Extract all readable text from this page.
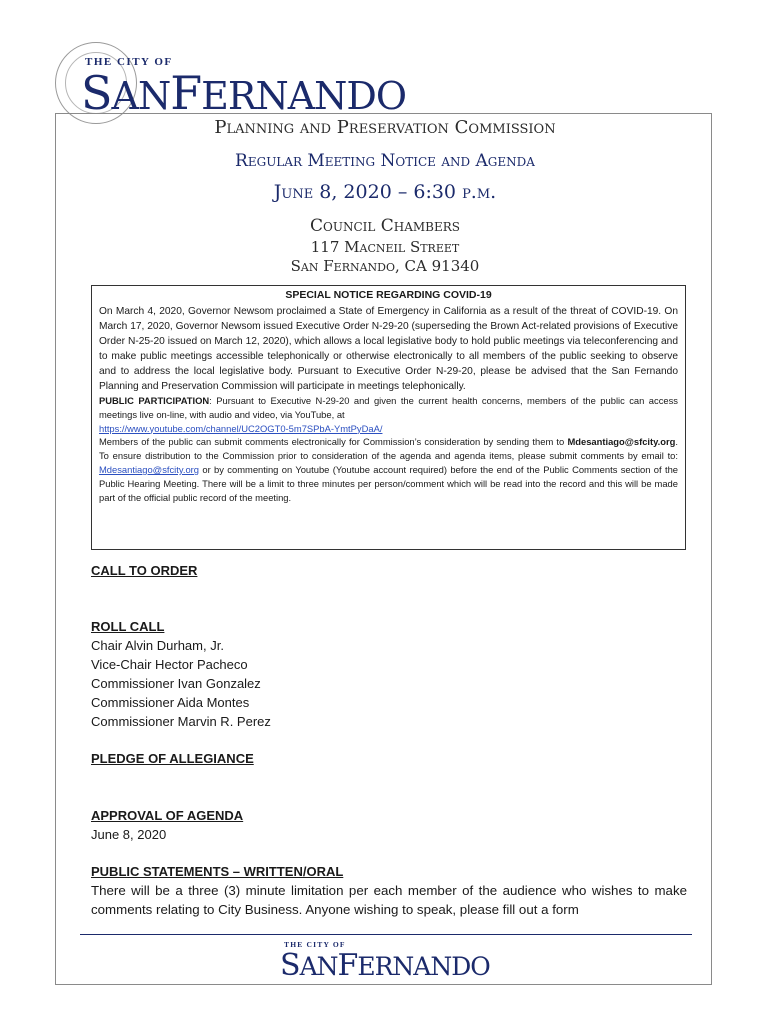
THE CITY OF
SANFERNANDO
Planning and Preservation Commission
Regular Meeting Notice and Agenda
June 8, 2020 – 6:30 p.m.
Council Chambers
117 Macneil Street
San Fernando, CA 91340
SPECIAL NOTICE REGARDING COVID-19

On March 4, 2020, Governor Newsom proclaimed a State of Emergency in California as a result of the threat of COVID-19. On March 17, 2020, Governor Newsom issued Executive Order N-29-20 (superseding the Brown Act-related provisions of Executive Order N-25-20 issued on March 12, 2020), which allows a local legislative body to hold public meetings via teleconferencing and to make public meetings accessible telephonically or otherwise electronically to all members of the public seeking to observe and to address the local legislative body. Pursuant to Executive Order N-29-20, please be advised that the San Fernando Planning and Preservation Commission will participate in meetings telephonically.

PUBLIC PARTICIPATION: Pursuant to Executive N-29-20 and given the current health concerns, members of the public can access meetings live on-line, with audio and video, via YouTube, at
https://www.youtube.com/channel/UC2OGT0-5m7SPbA-YmtPyDaA/

Members of the public can submit comments electronically for Commission’s consideration by sending them to Mdesantiago@sfcity.org. To ensure distribution to the Commission prior to consideration of the agenda and agenda items, please submit comments by email to: Mdesantiago@sfcity.org or by commenting on Youtube (Youtube account required) before the end of the Public Comments section of the Public Hearing Meeting. There will be a limit to three minutes per person/comment which will be read into the record and this will be made part of the official public record of the meeting.

CALL TO ORDER
ROLL CALL
Chair Alvin Durham, Jr.
Vice-Chair Hector Pacheco
Commissioner Ivan Gonzalez
Commissioner Aida Montes
Commissioner Marvin R. Perez
PLEDGE OF ALLEGIANCE
APPROVAL OF AGENDA
June 8, 2020
PUBLIC STATEMENTS – WRITTEN/ORAL
There will be a three (3) minute limitation per each member of the audience who wishes to make comments relating to City Business. Anyone wishing to speak, please fill out a form
THE CITY OF
SANFERNANDO
